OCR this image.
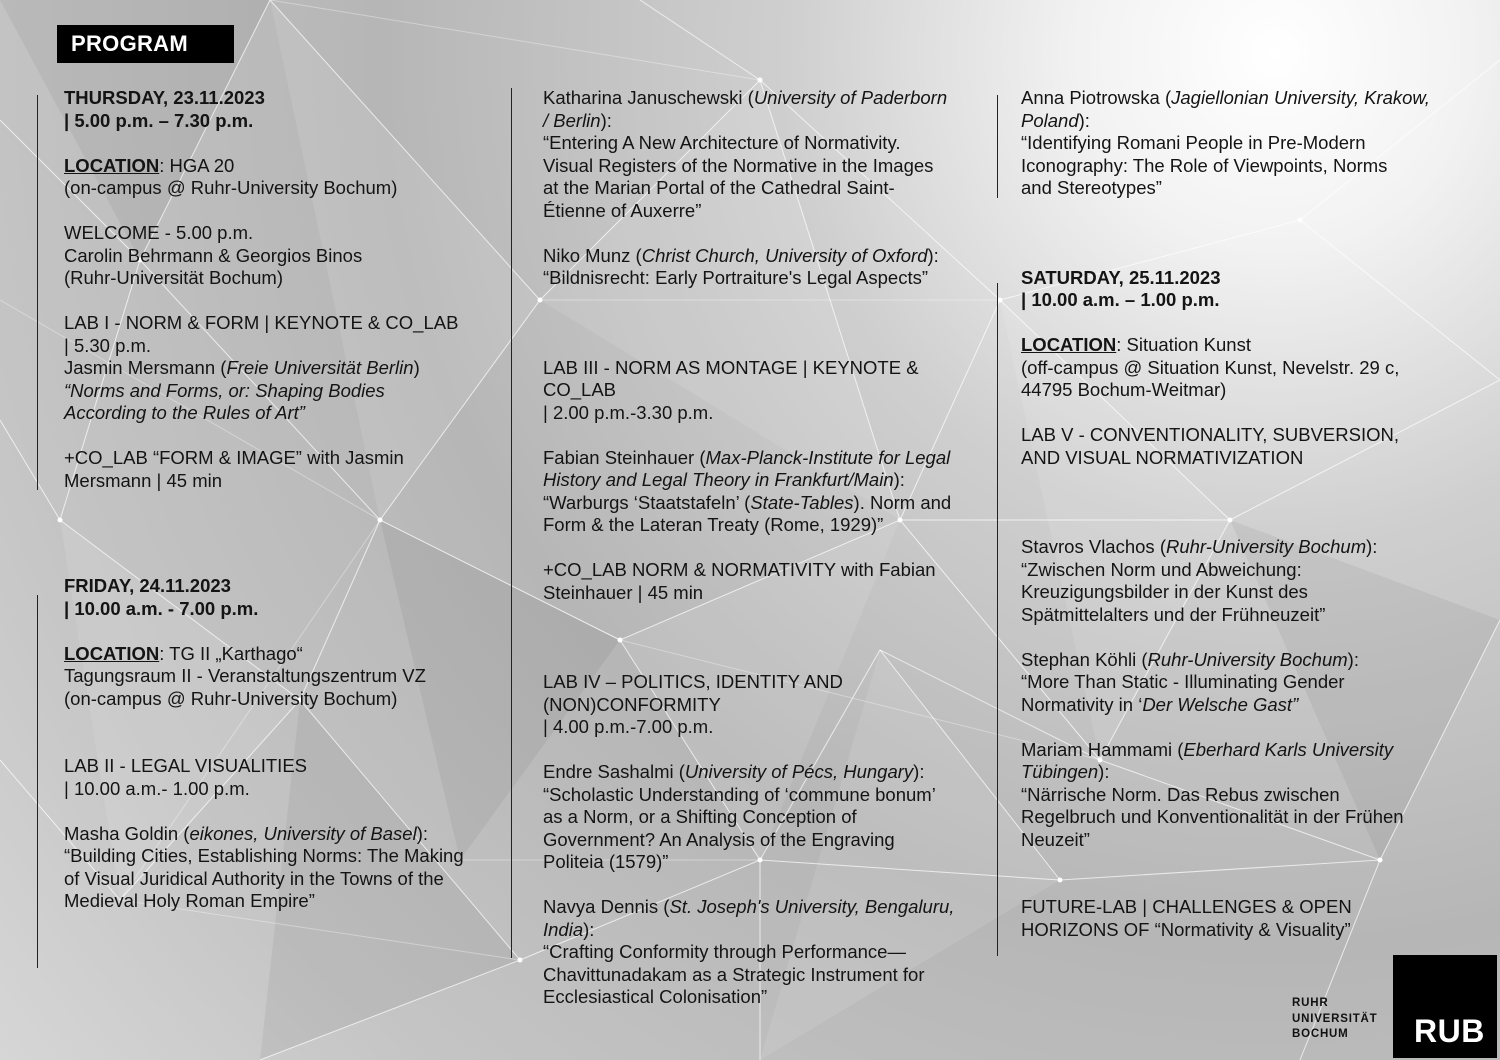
PROGRAM

THURSDAY, 23.11.2023

| 5.00 p.m. – 7.30 p.m.

LOCATION: HGA 20

(on-campus @ Ruhr-University Bochum)

WELCOME - 5.00 p.m.

Carolin Behrmann & Georgios Binos

(Ruhr-Universität Bochum)

LAB I - NORM & FORM | KEYNOTE & CO_LAB

| 5.30 p.m.

Jasmin Mersmann (Freie Universität Berlin)

“Norms and Forms, or: Shaping Bodies

According to the Rules of Art”

+CO_LAB “FORM & IMAGE” with Jasmin

Mersmann | 45 min

FRIDAY, 24.11.2023

| 10.00 a.m. - 7.00 p.m.

LOCATION: TG II „Karthago“

Tagungsraum II - Veranstaltungszentrum VZ

(on-campus @ Ruhr-University Bochum)

LAB II - LEGAL VISUALITIES

| 10.00 a.m.- 1.00 p.m.

Masha Goldin (eikones, University of Basel):

“Building Cities, Establishing Norms: The Making

of Visual Juridical Authority in the Towns of the

Medieval Holy Roman Empire”

Katharina Januschewski (University of Paderborn

/ Berlin):

“Entering A New Architecture of Normativity.

Visual Registers of the Normative in the Images

at the Marian Portal of the Cathedral Saint-

Étienne of Auxerre”

Niko Munz (Christ Church, University of Oxford):

“Bildnisrecht: Early Portraiture's Legal Aspects”

LAB III - NORM AS MONTAGE | KEYNOTE &

CO_LAB

| 2.00 p.m.-3.30 p.m.

Fabian Steinhauer (Max-Planck-Institute for Legal

History and Legal Theory in Frankfurt/Main):

“Warburgs ‘Staatstafeln’ (State-Tables). Norm and

Form & the Lateran Treaty (Rome, 1929)”

+CO_LAB NORM & NORMATIVITY with Fabian

Steinhauer | 45 min

LAB IV – POLITICS, IDENTITY AND

(NON)CONFORMITY

| 4.00 p.m.-7.00 p.m.

Endre Sashalmi (University of Pécs, Hungary):

“Scholastic Understanding of ‘commune bonum’

as a Norm, or a Shifting Conception of

Government? An Analysis of the Engraving

Politeia (1579)”

Navya Dennis (St. Joseph's University, Bengaluru,

India):

“Crafting Conformity through Performance—

Chavittunadakam as a Strategic Instrument for

Ecclesiastical Colonisation”

Anna Piotrowska (Jagiellonian University, Krakow,

Poland):

“Identifying Romani People in Pre-Modern

Iconography: The Role of Viewpoints, Norms

and Stereotypes”

SATURDAY, 25.11.2023

| 10.00 a.m. – 1.00 p.m.

LOCATION: Situation Kunst

(off-campus @ Situation Kunst, Nevelstr. 29 c,

44795 Bochum-Weitmar)

LAB V - CONVENTIONALITY, SUBVERSION,

AND VISUAL NORMATIVIZATION

Stavros Vlachos (Ruhr-University Bochum):

“Zwischen Norm und Abweichung:

Kreuzigungsbilder in der Kunst des

Spätmittelalters und der Frühneuzeit”

Stephan Köhli (Ruhr-University Bochum):

“More Than Static - Illuminating Gender

Normativity in ‘Der Welsche Gast”

Mariam Hammami (Eberhard Karls University

Tübingen):

“Närrische Norm. Das Rebus zwischen

Regelbruch und Konventionalität in der Frühen

Neuzeit”

FUTURE-LAB | CHALLENGES & OPEN

HORIZONS OF “Normativity & Visuality”

RUHR
UNIVERSITÄT
BOCHUM	RUB
